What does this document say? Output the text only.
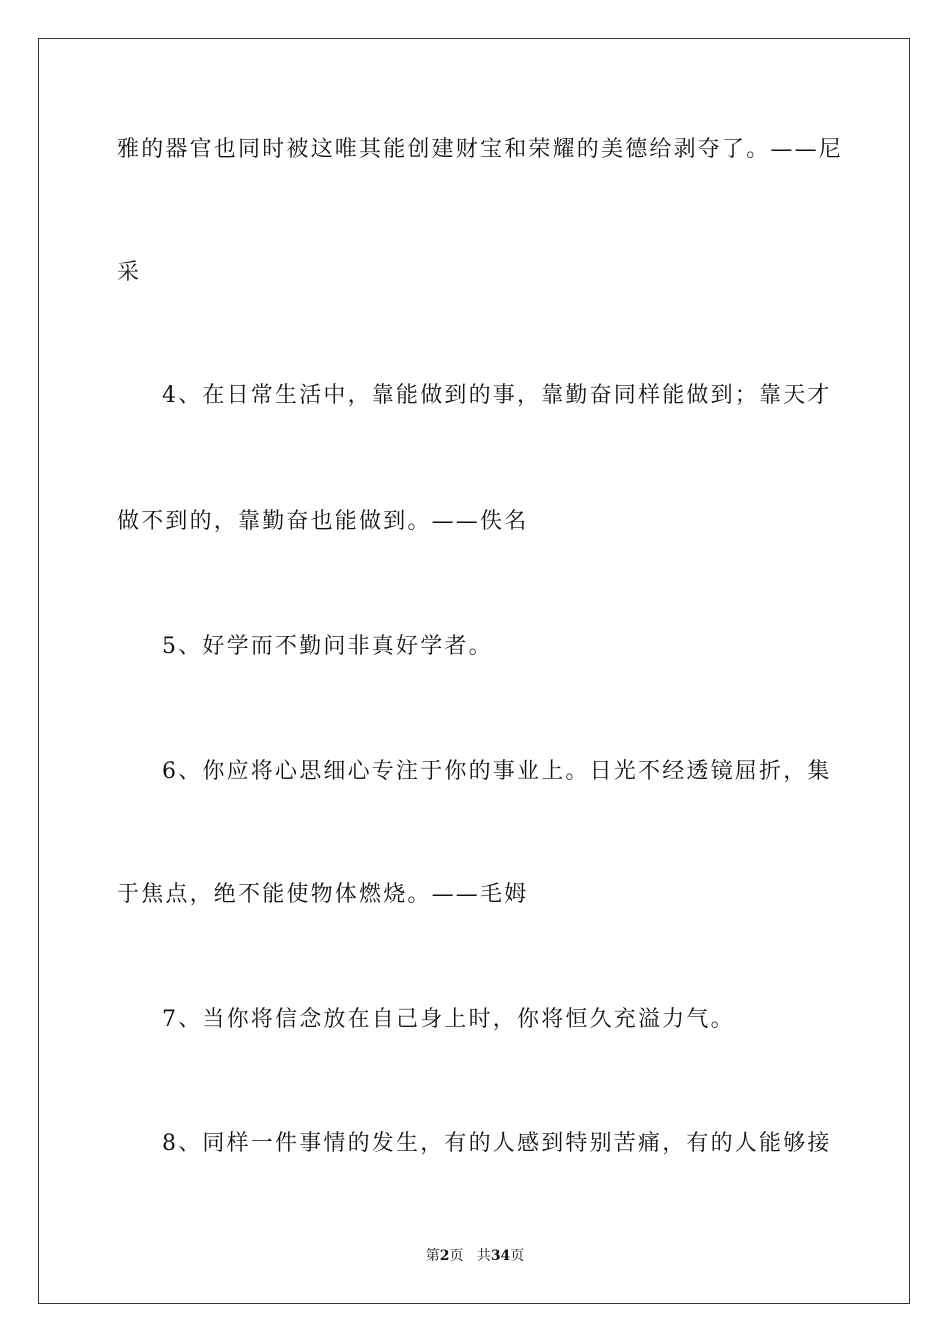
雅的器官也同时被这唯其能创建财宝和荣耀的美德给剥夺了。——尼
采
4、在日常生活中，靠能做到的事，靠勤奋同样能做到；靠天才
做不到的，靠勤奋也能做到。——佚名
5、好学而不勤问非真好学者。
6、你应将心思细心专注于你的事业上。日光不经透镜屈折，集
于焦点，绝不能使物体燃烧。——毛姆
7、当你将信念放在自己身上时，你将恒久充溢力气。
8、同样一件事情的发生，有的人感到特别苦痛，有的人能够接
第2页 共34页
